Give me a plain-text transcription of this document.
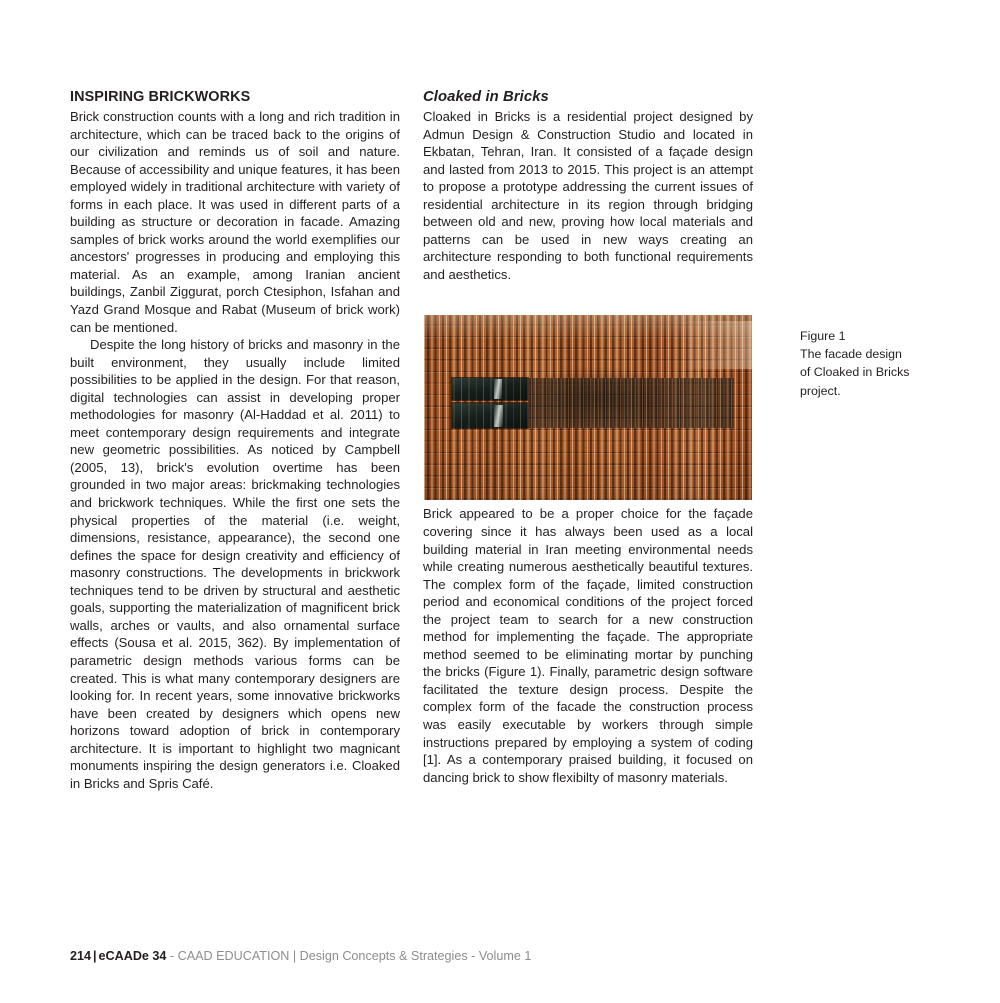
INSPIRING BRICKWORKS

Brick construction counts with a long and rich tradition in architecture, which can be traced back to the origins of our civilization and reminds us of soil and nature. Because of accessibility and unique features, it has been employed widely in traditional architecture with variety of forms in each place. It was used in different parts of a building as structure or decoration in facade. Amazing samples of brick works around the world exemplifies our ancestors' progresses in producing and employing this material. As an example, among Iranian ancient buildings, Zanbil Ziggurat, porch Ctesiphon, Isfahan and Yazd Grand Mosque and Rabat (Museum of brick work) can be mentioned.

Despite the long history of bricks and masonry in the built environment, they usually include limited possibilities to be applied in the design. For that reason, digital technologies can assist in developing proper methodologies for masonry (Al-Haddad et al. 2011) to meet contemporary design requirements and integrate new geometric possibilities. As noticed by Campbell (2005, 13), brick's evolution overtime has been grounded in two major areas: brickmaking technologies and brickwork techniques. While the first one sets the physical properties of the material (i.e. weight, dimensions, resistance, appearance), the second one defines the space for design creativity and efficiency of masonry constructions. The developments in brickwork techniques tend to be driven by structural and aesthetic goals, supporting the materialization of magnificent brick walls, arches or vaults, and also ornamental surface effects (Sousa et al. 2015, 362). By implementation of parametric design methods various forms can be created. This is what many contemporary designers are looking for. In recent years, some innovative brickworks have been created by designers which opens new horizons toward adoption of brick in contemporary architecture. It is important to highlight two magnicant monuments inspiring the design generators i.e. Cloaked in Bricks and Spris Café.

Cloaked in Bricks

Cloaked in Bricks is a residential project designed by Admun Design & Construction Studio and located in Ekbatan, Tehran, Iran. It consisted of a façade design and lasted from 2013 to 2015. This project is an attempt to propose a prototype addressing the current issues of residential architecture in its region through bridging between old and new, proving how local materials and patterns can be used in new ways creating an architecture responding to both functional requirements and aesthetics.

Brick appeared to be a proper choice for the façade covering since it has always been used as a local building material in Iran meeting environmental needs while creating numerous aesthetically beautiful textures. The complex form of the façade, limited construction period and economical conditions of the project forced the project team to search for a new construction method for implementing the façade. The appropriate method seemed to be eliminating mortar by punching the bricks (Figure 1). Finally, parametric design software facilitated the texture design process. Despite the complex form of the facade the construction process was easily executable by workers through simple instructions prepared by employing a system of coding [1]. As a contemporary praised building, it focused on dancing brick to show flexibilty of masonry materials.

Figure 1
The facade design
of Cloaked in Bricks
project.
214 | eCAADe 34 - CAAD EDUCATION | Design Concepts & Strategies - Volume 1
